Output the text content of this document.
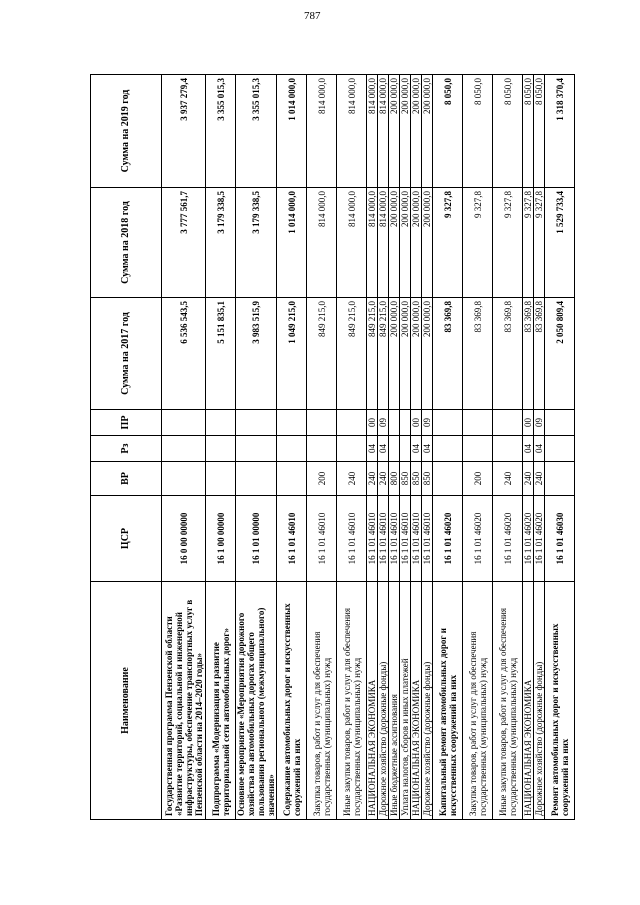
787
Наименование	ЦСР	ВР	Рз	ПР	Сумма на 2017 год	Сумма на 2018 год	Сумма на 2019 год
Государственная программа Пензенской области «Развитие территорий, социальной и инженерной инфраструктуры, обеспечение транспортных услуг в Пензенской области на 2014–2020 годы»	16 0 00 00000				6 536 543,5	3 777 561,7	3 937 279,4
Подпрограмма «Модернизация и развитие территориальной сети автомобильных дорог»	16 1 00 00000				5 151 835,1	3 179 338,5	3 355 015,3
Основное мероприятие «Мероприятия дорожного хозяйства на автомобильных дорогах общего пользования регионального (межмуниципального) значения»	16 1 01 00000				3 983 515,9	3 179 338,5	3 355 015,3
Содержание автомобильных дорог и искусственных сооружений на них	16 1 01 46010				1 049 215,0	1 014 000,0	1 014 000,0
Закупка товаров, работ и услуг для обеспечения государственных (муниципальных) нужд	16 1 01 46010	200			849 215,0	814 000,0	814 000,0
Иные закупки товаров, работ и услуг для обеспечения государственных (муниципальных) нужд	16 1 01 46010	240			849 215,0	814 000,0	814 000,0
НАЦИОНАЛЬНАЯ ЭКОНОМИКА	16 1 01 46010	240	04	00	849 215,0	814 000,0	814 000,0
Дорожное хозяйство (дорожные фонды)	16 1 01 46010	240	04	09	849 215,0	814 000,0	814 000,0
Иные бюджетные ассигнования	16 1 01 46010	800			200 000,0	200 000,0	200 000,0
Уплата налогов, сборов и иных платежей	16 1 01 46010	850			200 000,0	200 000,0	200 000,0
НАЦИОНАЛЬНАЯ ЭКОНОМИКА	16 1 01 46010	850	04	00	200 000,0	200 000,0	200 000,0
Дорожное хозяйство (дорожные фонды)	16 1 01 46010	850	04	09	200 000,0	200 000,0	200 000,0
Капитальный ремонт автомобильных дорог и искусственных сооружений на них	16 1 01 46020				83 369,8	9 327,8	8 050,0
Закупка товаров, работ и услуг для обеспечения государственных (муниципальных) нужд	16 1 01 46020	200			83 369,8	9 327,8	8 050,0
Иные закупки товаров, работ и услуг для обеспечения государственных (муниципальных) нужд	16 1 01 46020	240			83 369,8	9 327,8	8 050,0
НАЦИОНАЛЬНАЯ ЭКОНОМИКА	16 1 01 46020	240	04	00	83 369,8	9 327,8	8 050,0
Дорожное хозяйство (дорожные фонды)	16 1 01 46020	240	04	09	83 369,8	9 327,8	8 050,0
Ремонт автомобильных дорог и искусственных сооружений на них	16 1 01 46030				2 050 809,4	1 529 733,4	1 318 370,4
